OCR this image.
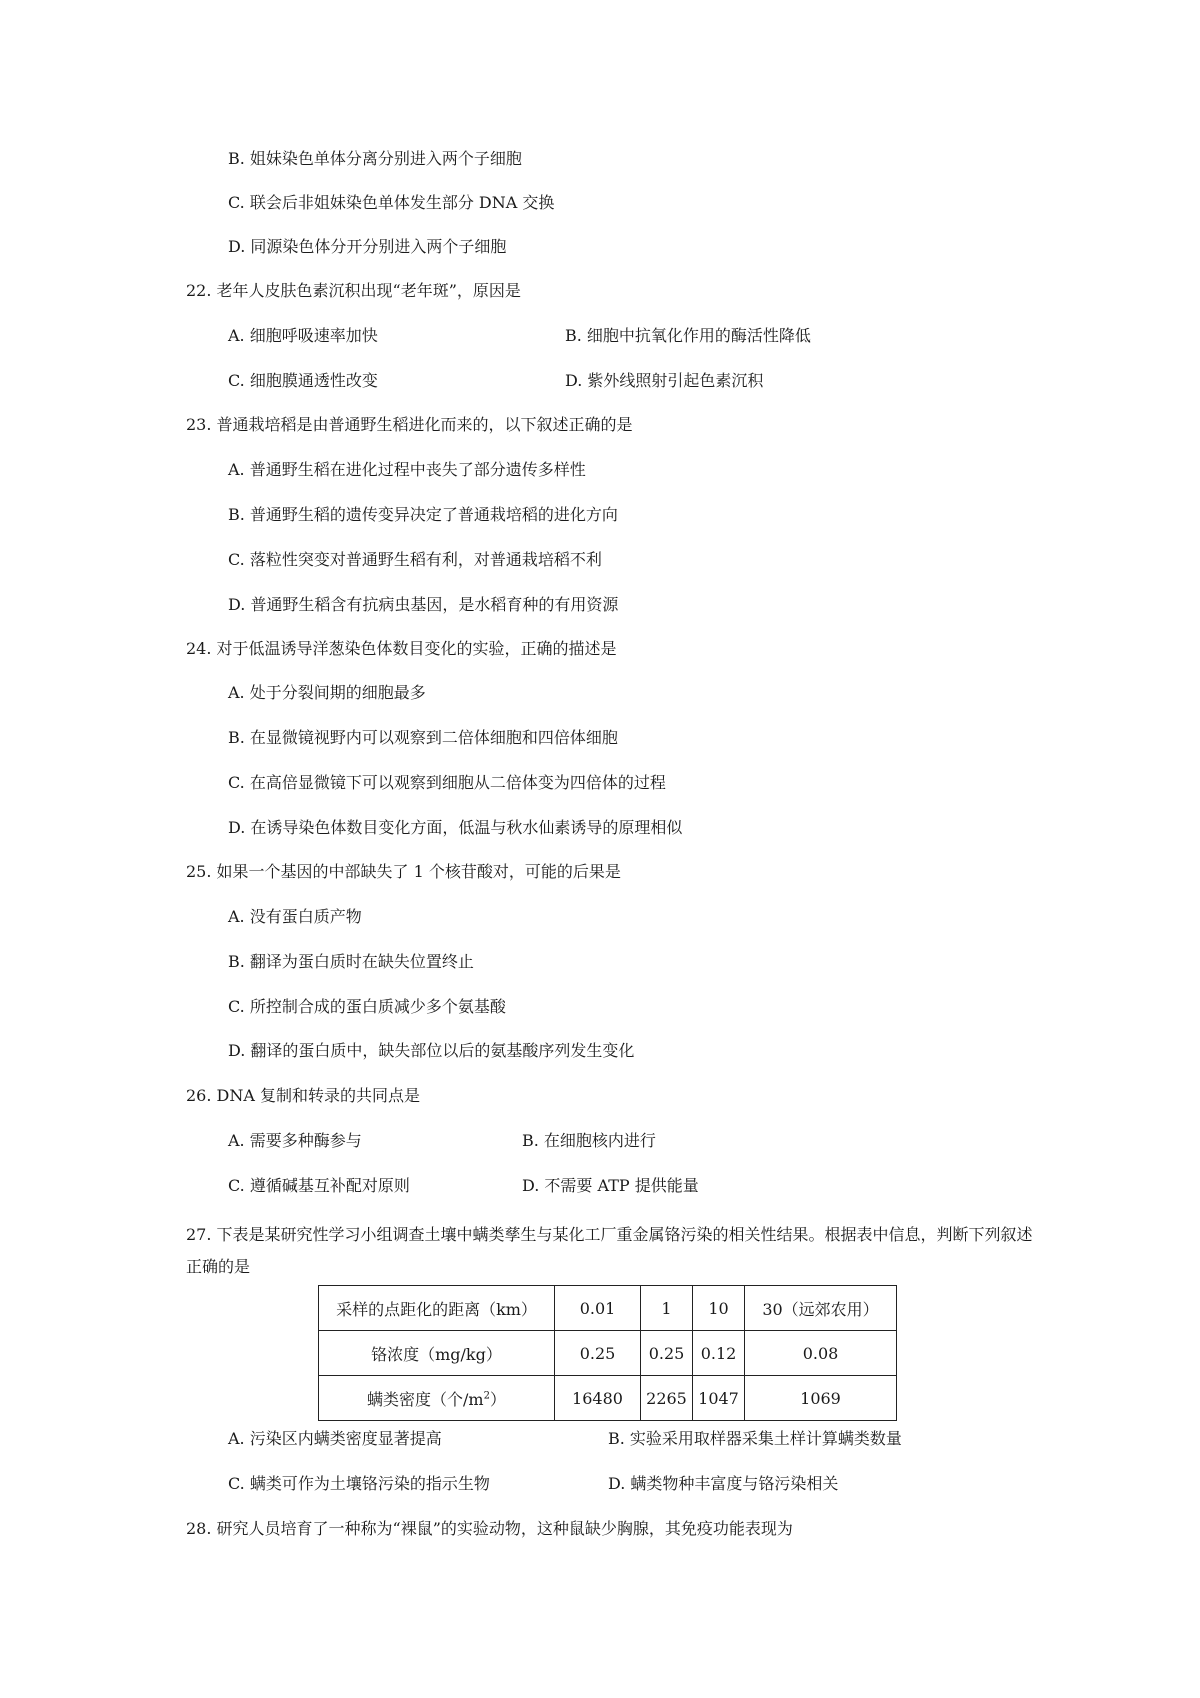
B. 姐妹染色单体分离分别进入两个子细胞
C. 联会后非姐妹染色单体发生部分 DNA 交换
D. 同源染色体分开分别进入两个子细胞
22. 老年人皮肤色素沉积出现“老年斑”，原因是
A. 细胞呼吸速率加快	B. 细胞中抗氧化作用的酶活性降低
C. 细胞膜通透性改变	D. 紫外线照射引起色素沉积
23. 普通栽培稻是由普通野生稻进化而来的，以下叙述正确的是
A. 普通野生稻在进化过程中丧失了部分遗传多样性
B. 普通野生稻的遗传变异决定了普通栽培稻的进化方向
C. 落粒性突变对普通野生稻有利，对普通栽培稻不利
D. 普通野生稻含有抗病虫基因，是水稻育种的有用资源
24. 对于低温诱导洋葱染色体数目变化的实验，正确的描述是
A. 处于分裂间期的细胞最多
B. 在显微镜视野内可以观察到二倍体细胞和四倍体细胞
C. 在高倍显微镜下可以观察到细胞从二倍体变为四倍体的过程
D. 在诱导染色体数目变化方面，低温与秋水仙素诱导的原理相似
25. 如果一个基因的中部缺失了 1 个核苷酸对，可能的后果是
A. 没有蛋白质产物
B. 翻译为蛋白质时在缺失位置终止
C. 所控制合成的蛋白质减少多个氨基酸
D. 翻译的蛋白质中，缺失部位以后的氨基酸序列发生变化
26. DNA 复制和转录的共同点是
A. 需要多种酶参与	B. 在细胞核内进行
C. 遵循碱基互补配对原则	D. 不需要 ATP 提供能量
27. 下表是某研究性学习小组调查土壤中螨类孳生与某化工厂重金属铬污染的相关性结果。根据表中信息，判断下列叙述正确的是
采样的点距化的距离（km）	0.01	1	10	30（远郊农用）
铬浓度（mg/kg）	0.25	0.25	0.12	0.08
螨类密度（个$/m^2$）	16480	2265	1047	1069
A. 污染区内螨类密度显著提高	B. 实验采用取样器采集土样计算螨类数量
C. 螨类可作为土壤铬污染的指示生物	D. 螨类物种丰富度与铬污染相关
28. 研究人员培育了一种称为“裸鼠”的实验动物，这种鼠缺少胸腺，其免疫功能表现为
